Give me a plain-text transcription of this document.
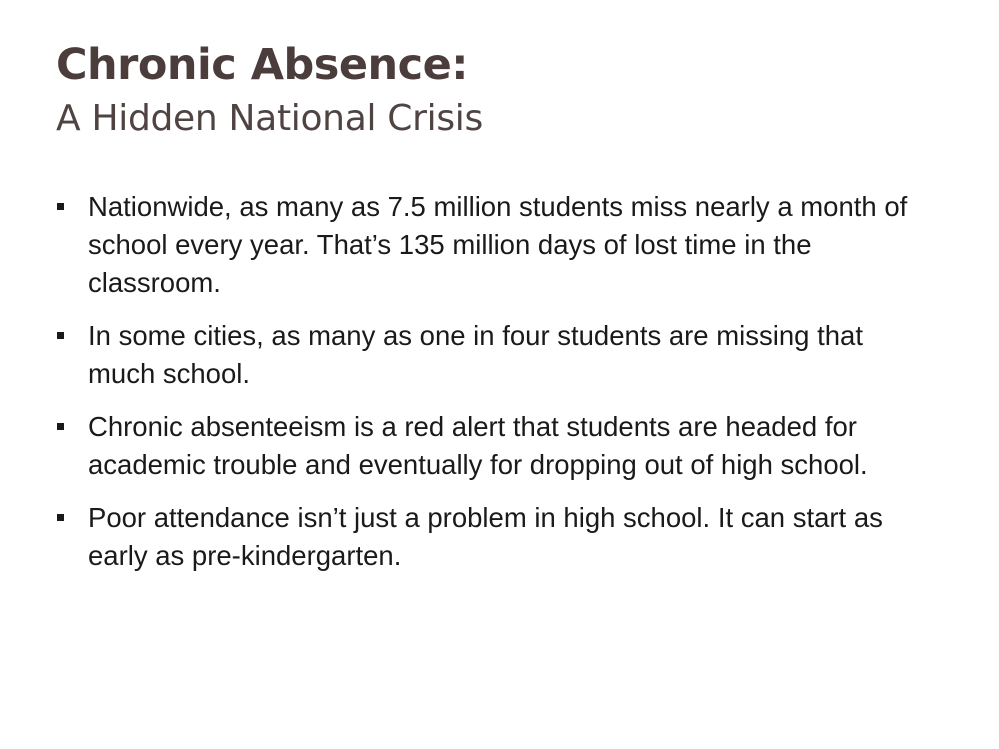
Chronic Absence:
A Hidden National Crisis
Nationwide, as many as 7.5 million students miss nearly a month of school every year. That’s 135 million days of lost time in the classroom.
In some cities, as many as one in four students are missing that much school.
Chronic absenteeism is a red alert that students are headed for academic trouble and eventually for dropping out of high school.
Poor attendance isn’t just a problem in high school. It can start as early as pre-kindergarten.
